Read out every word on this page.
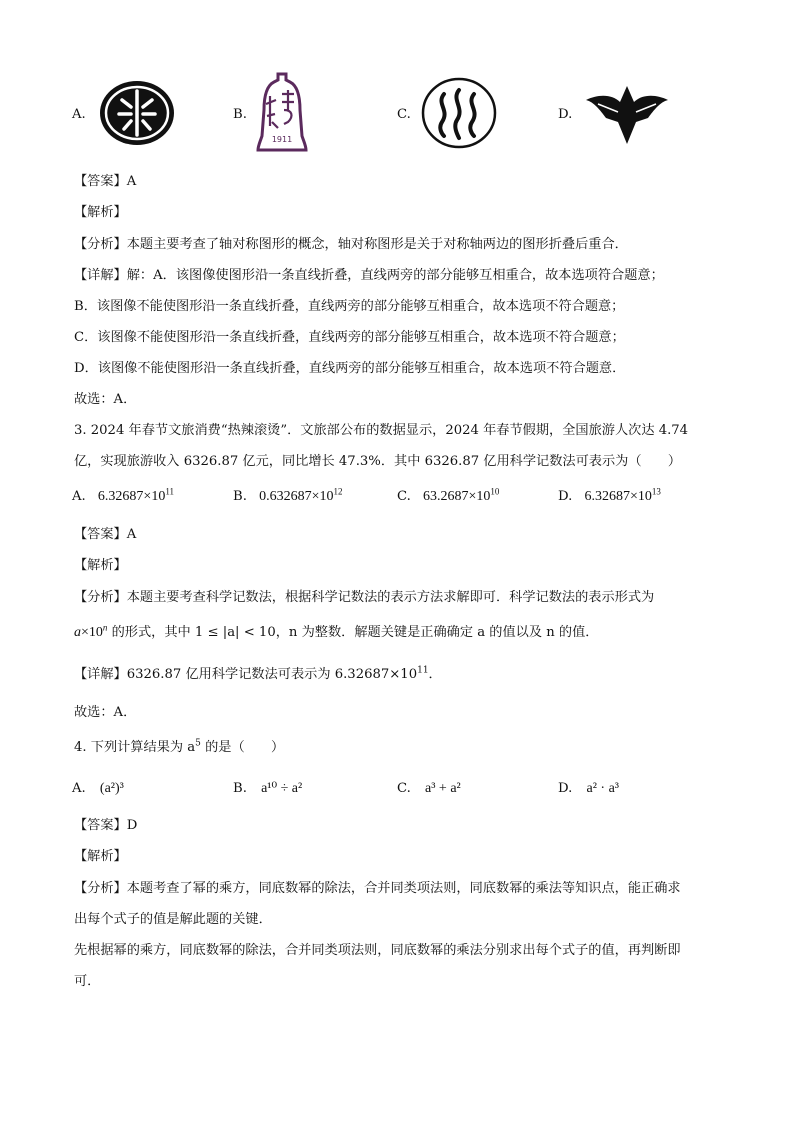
A.	B.
1911
C.	D.
【答案】A
【解析】
【分析】本题主要考查了轴对称图形的概念，轴对称图形是关于对称轴两边的图形折叠后重合．
【详解】解：A．该图像使图形沿一条直线折叠，直线两旁的部分能够互相重合，故本选项符合题意；
B．该图像不能使图形沿一条直线折叠，直线两旁的部分能够互相重合，故本选项不符合题意；
C．该图像不能使图形沿一条直线折叠，直线两旁的部分能够互相重合，故本选项不符合题意；
D．该图像不能使图形沿一条直线折叠，直线两旁的部分能够互相重合，故本选项不符合题意．
故选：A．
3. 2024 年春节文旅消费“热辣滚烫”．文旅部公布的数据显示，2024 年春节假期，全国旅游人次达 4.74
亿，实现旅游收入 6326.87 亿元，同比增长 47.3%．其中 6326.87 亿用科学记数法可表示为（　　）
A. $6.32687\times 10^{11}$	B. $0.632687\times 10^{12}$	C. $63.2687\times 10^{10}$	D. $6.32687\times 10^{13}$
【答案】A
【解析】
【分析】本题主要考查科学记数法，根据科学记数法的表示方法求解即可．科学记数法的表示形式为
$a\times 10^n$ 的形式，其中 1 ≤ |a| < 10，n 为整数．解题关键是正确确定 a 的值以及 n 的值．
【详解】6326.87 亿用科学记数法可表示为 $6.32687\times 10^{11}$．
故选：A．
4. 下列计算结果为 $a^5$ 的是（　　）
A. (a²)³	B. a¹⁰ ÷ a²	C. a³ + a²	D. a² · a³
【答案】D
【解析】
【分析】本题考查了幂的乘方，同底数幂的除法，合并同类项法则，同底数幂的乘法等知识点，能正确求
出每个式子的值是解此题的关键．
先根据幂的乘方，同底数幂的除法，合并同类项法则，同底数幂的乘法分别求出每个式子的值，再判断即
可．
